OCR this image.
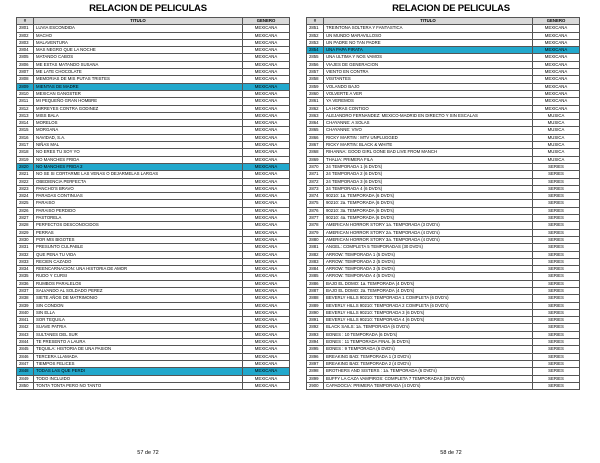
RELACION DE PELICULAS
#	TITULO	GENERO
2801	LUVIA ESCONDIDA	MEXICANA
2802	MACHO	MEXICANA
2803	MALAVENTURA	MEXICANA
2804	MAS NEGRO QUE LA NOCHE	MEXICANA
2805	MATANDO CABOS	MEXICANA
2806	ME ESTAS MATANDO SUSANA	MEXICANA
2807	ME LATE CHOCOLATE	MEXICANA
2808	MEMORIAS DE MIS PUTAS TRISTES	MEXICANA
2809	MIENTAS DE MADRE	MEXICANA
2810	MEXICAN GANGSTER	MEXICANA
2811	MI PEQUEÑO GRAN HOMBRE	MEXICANA
2812	MIRREYES CONTRA GODINEZ	MEXICANA
2813	MISS BALA	MEXICANA
2814	MORELOS	MEXICANA
2815	MORGANA	MEXICANA
2816	NAVIDAD, S.A.	MEXICANA
2817	NIÑAS MAL	MEXICANA
2818	NO ERES TU SOY YO	MEXICANA
2819	NO MANCHES FRIDA	MEXICANA
2820	NO MANCHES FRIDA 2	MEXICANA
2821	NO SE SI CORTARME LAS VENAS O DEJARMELAS LARGAS	MEXICANA
2822	OBEDIENCIA PERFECTA	MEXICANA
2823	PANCHO'S BRAVO	MEXICANA
2824	PARADAS CONTINUAS	MEXICANA
2825	PARAISO	MEXICANA
2826	PARAISO PERDIDO	MEXICANA
2827	PASTORELA	MEXICANA
2828	PERFECTOS DESCONOCIDOS	MEXICANA
2829	PERRAS	MEXICANA
2830	POR MIS BIGOTES	MEXICANA
2831	PRESUNTO CULPABLE	MEXICANA
2832	QUE PENA TU VIDA	MEXICANA
2833	RECIEN CAZADO	MEXICANA
2834	REENCARNACION: UNA HISTORIA DE AMOR	MEXICANA
2835	RUDO Y CURSI	MEXICANA
2836	RUMBOS PARALELOS	MEXICANA
2837	SALVANDO AL SOLDADO PEREZ	MEXICANA
2838	SIETE AÑOS DE MATRIMONIO	MEXICANA
2839	SIN CONDON	MEXICANA
2840	SIN ELLA	MEXICANA
2841	SOR TEQUILA	MEXICANA
2842	SUAVE PATRIA	MEXICANA
2843	SULTANES DEL SUR	MEXICANA
2844	TE PRESENTO A LAURA	MEXICANA
2845	TEQUILA: HISTORIA DE UNA PASION	MEXICANA
2846	TERCERA LLAMADA	MEXICANA
2847	TIEMPOS FELICES	MEXICANA
2848	TODAS LAS QUE PERDI	MEXICANA
2849	TODO INCLUIDO	MEXICANA
2850	TONTA TONTA PERO NO TANTO	MEXICANA
57 de 72
RELACION DE PELICULAS
#	TITULO	GENERO
2851	TREINTONA SOLTERA Y FANTASTICA	MEXICANA
2852	UN MUNDO MARAVILLOSO	MEXICANA
2853	UN PADRE NO TAN PADRE	MEXICANA
2854	UNA PAPA PIRATA	MEXICANA
2855	UNA ULTIMA Y NOS VAMOS	MEXICANA
2856	VIAJES DE GENERACION	MEXICANA
2857	VIENTO EN CONTRA	MEXICANA
2858	VISITANTES	MEXICANA
2859	VOLANDO BAJO	MEXICANA
2860	VOLVERTE A VER	MEXICANA
2861	YA VEREMOS	MEXICANA
2862	LA HORAS CONTIGO	MEXICANA
2863	ALEJANDRO FERNANDEZ: MEXICO-MADRID EN DIRECTO Y SIN ESCALAS	MUSICA
2864	CHAYANNE: A SOLAS	MUSICA
2865	CHAYANNE: VIVO	MUSICA
2866	RICKY MARTIN : MTV UNPLUGGED	MUSICA
2867	RICKY MARTIN: BLACK & WHITE	MUSICA
2868	RIHANNA: GOOD GIRL GONE BAD LIVE FROM MANCH	MUSICA
2869	THALIA: PRIMERA FILA	MUSICA
2870	24 TEMPORADA 1 (6 DVD's)	SERIES
2871	24 TEMPORADA 2 (6 DVD's)	SERIES
2872	24 TEMPORADA 3 (6 DVD's)	SERIES
2873	24 TEMPORADA 4 (6 DVD's)	SERIES
2874	90210: 1a. TEMPORADA (6 DVD's)	SERIES
2875	90210: 2a. TEMPORADA (6 DVD's)	SERIES
2876	90210: 3a. TEMPORADA (6 DVD's)	SERIES
2877	90210: 4a. TEMPORADA (6 DVD's)	SERIES
2878	AMERICAN HORROR STORY 1a. TEMPORADA (3 DVD's)	SERIES
2879	AMERICAN HORROR STORY 2a. TEMPORADA (4 DVD's)	SERIES
2880	AMERICAN HORROR STORY 3a. TEMPORADA (4 DVD's)	SERIES
2881	ANGEL: COMPLETA 5 TEMPORADAS (30 DVD's)	SERIES
2882	ARROW: TEMPORADA 1 (5 DVD's)	SERIES
2883	ARROW: TEMPORADA 2 (5 DVD's)	SERIES
2884	ARROW: TEMPORADA 3 (5 DVD's)	SERIES
2885	ARROW: TEMPORADA 4 (5 DVD's)	SERIES
2886	BAJO EL DOMO: 1a. TEMPORADA (4 DVD's)	SERIES
2887	BAJO EL DOMO: 2a. TEMPORADA (4 DVD's)	SERIES
2888	BEVERLY HILLS 90210: TEMPORADA 1 COMPLETA (6 DVD's)	SERIES
2889	BEVERLY HILLS 90210: TEMPORADA 2 COMPLETA (6 DVD's)	SERIES
2890	BEVERLY HILLS 90210: TEMPORADA 3 (6 DVD's)	SERIES
2891	BEVERLY HILLS 90210: TEMPORADA 4 (6 DVD's)	SERIES
2892	BLACK SAILS: 1a. TEMPORADA (6 DVD's)	SERIES
2893	BONES : 10 TEMPORADA (6 DVD's)	SERIES
2894	BONES : 11 TEMPORADA FINAL (6 DVD's)	SERIES
2895	BONES : 9 TEMPORADA (6 DVD's)	SERIES
2896	BREAKING BAD: TEMPORADA 1 (3 DVD's)	SERIES
2897	BREAKING BAD: TEMPORADA 2 (4 DVD's)	SERIES
2898	BROTHERS AND SISTERS : 1a. TEMPORADA (6 DVD's)	SERIES
2899	BUFFY LA CAZA VAMPIROS: COMPLETA 7 TEMPORADAS (39 DVD's)	SERIES
2900	CAPADOCIA: PRIMERA TEMPORADA (4 DVD's)	SERIES
58 de 72
